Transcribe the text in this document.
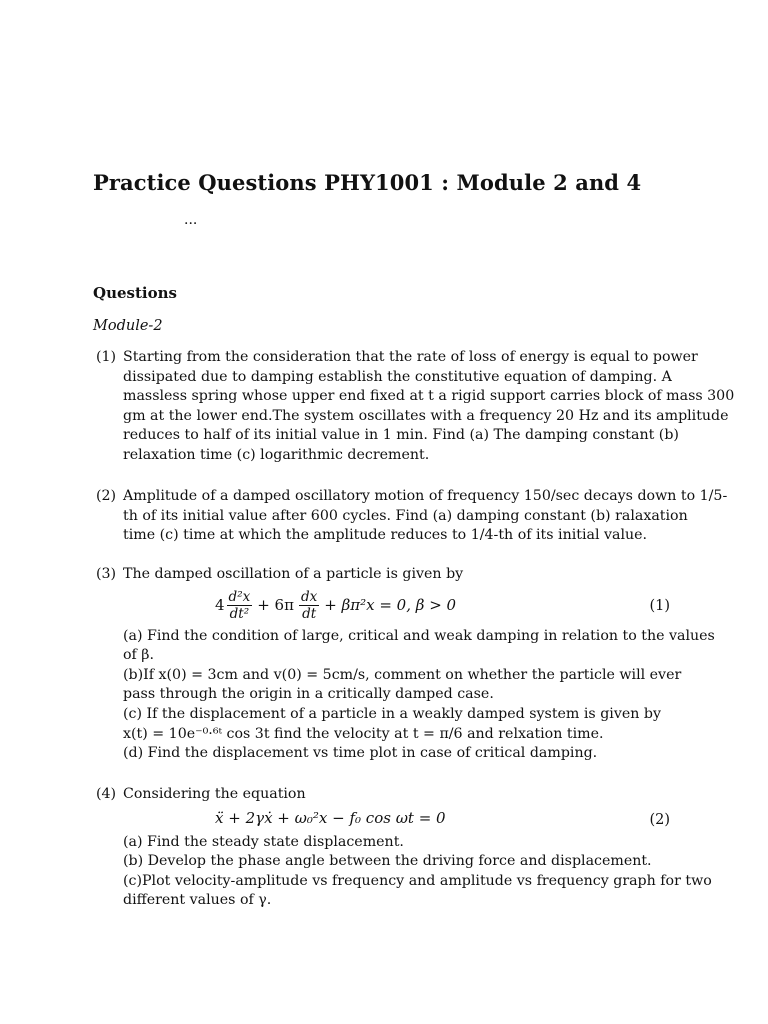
Practice Questions PHY1001 : Module 2 and 4
···
Questions
Module-2
(1) Starting from the consideration that the rate of loss of energy is equal to power
dissipated due to damping establish the constitutive equation of damping. A
massless spring whose upper end fixed at t a rigid support carries block of mass 300
gm at the lower end.The system oscillates with a frequency 20 Hz and its amplitude
reduces to half of its initial value in 1 min. Find (a) The damping constant (b)
relaxation time (c) logarithmic decrement.
(2) Amplitude of a damped oscillatory motion of frequency 150/sec decays down to 1/5-
th of its initial value after 600 cycles. Find (a) damping constant (b) ralaxation
time (c) time at which the amplitude reduces to 1/4-th of its initial value.
(3) The damped oscillation of a particle is given by
$4 \frac{\text{d²x}}{\text{dt²}} + 6\pi \frac{dx}{dt} + \beta\pi^2x = 0$, β > 0	(1)
(a) Find the condition of large, critical and weak damping in relation to the values
of β.
(b)If x(0) = 3cm and v(0) = 5cm/s, comment on whether the particle will ever
pass through the origin in a critically damped case.
(c) If the displacement of a particle in a weakly damped system is given by
x(t) = 10e⁻⁰·⁶ᵗ cos 3t find the velocity at t = π/6 and relxation time.
(d) Find the displacement vs time plot in case of critical damping.
(4) Considering the equation
ẍ + 2γẋ + ω₀²x − f₀ cos ωt = 0	(2)
(a) Find the steady state displacement.
(b) Develop the phase angle between the driving force and displacement.
(c)Plot velocity-amplitude vs frequency and amplitude vs frequency graph for two
different values of γ.
